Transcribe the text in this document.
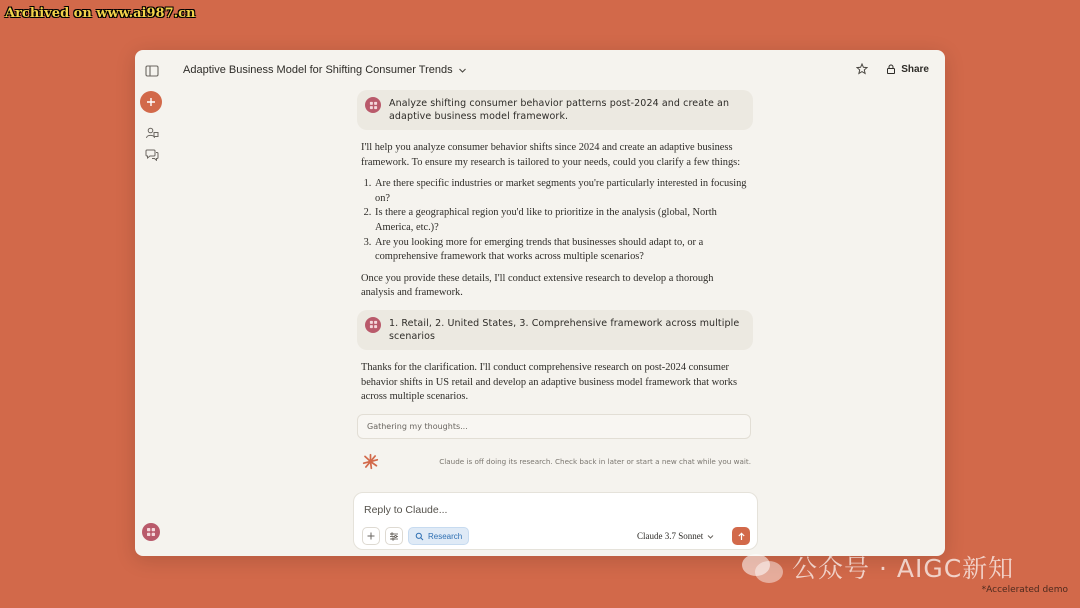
Archived on www.ai987.cn
Adaptive Business Model for Shifting Consumer Trends	Share
Analyze shifting consumer behavior patterns post-2024 and create an adaptive business model framework.

I'll help you analyze consumer behavior shifts since 2024 and create an adaptive business framework. To ensure my research is tailored to your needs, could you clarify a few things:

1. Are there specific industries or market segments you're particularly interested in focusing on?
2. Is there a geographical region you'd like to prioritize in the analysis (global, North America, etc.)?
3. Are you looking more for emerging trends that businesses should adapt to, or a comprehensive framework that works across multiple scenarios?

Once you provide these details, I'll conduct extensive research to develop a thorough analysis and framework.

1. Retail, 2. United States, 3. Comprehensive framework across multiple scenarios

Thanks for the clarification. I'll conduct comprehensive research on post-2024 consumer behavior shifts in US retail and develop an adaptive business model framework that works across multiple scenarios.

Gathering my thoughts...
Claude is off doing its research. Check back in later or start a new chat while you wait.
Reply to Claude...
Research	Claude 3.7 Sonnet
公众号 · AIGC新知
*Accelerated demo
